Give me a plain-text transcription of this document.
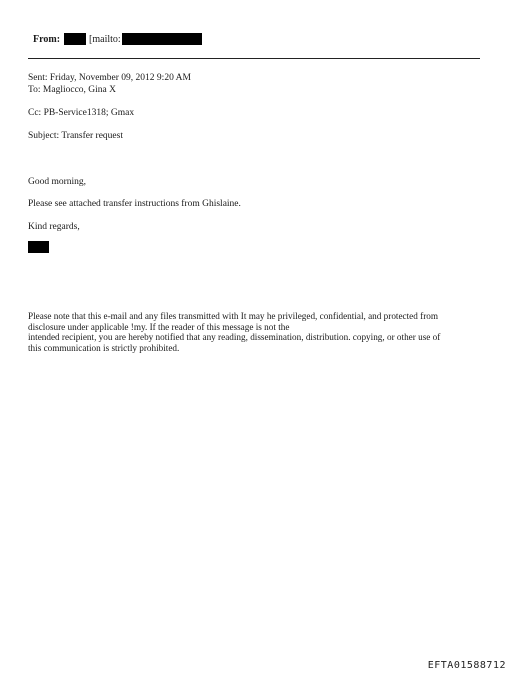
From:	[mailto:
Sent: Friday, November 09, 2012 9:20 AM
To: Magliocco, Gina X
Cc: PB-Service1318; Gmax
Subject: Transfer request
Good morning,
Please see attached transfer instructions from Ghislaine.
Kind regards,
Please note that this e-mail and any files transmitted with It may he privileged, confidential, and protected from
disclosure under applicable !my. If the reader of this message is not the
intended recipient, you are hereby notified that any reading, dissemination, distribution. copying, or other use of
this communication is strictly prohibited.
EFTA01588712
